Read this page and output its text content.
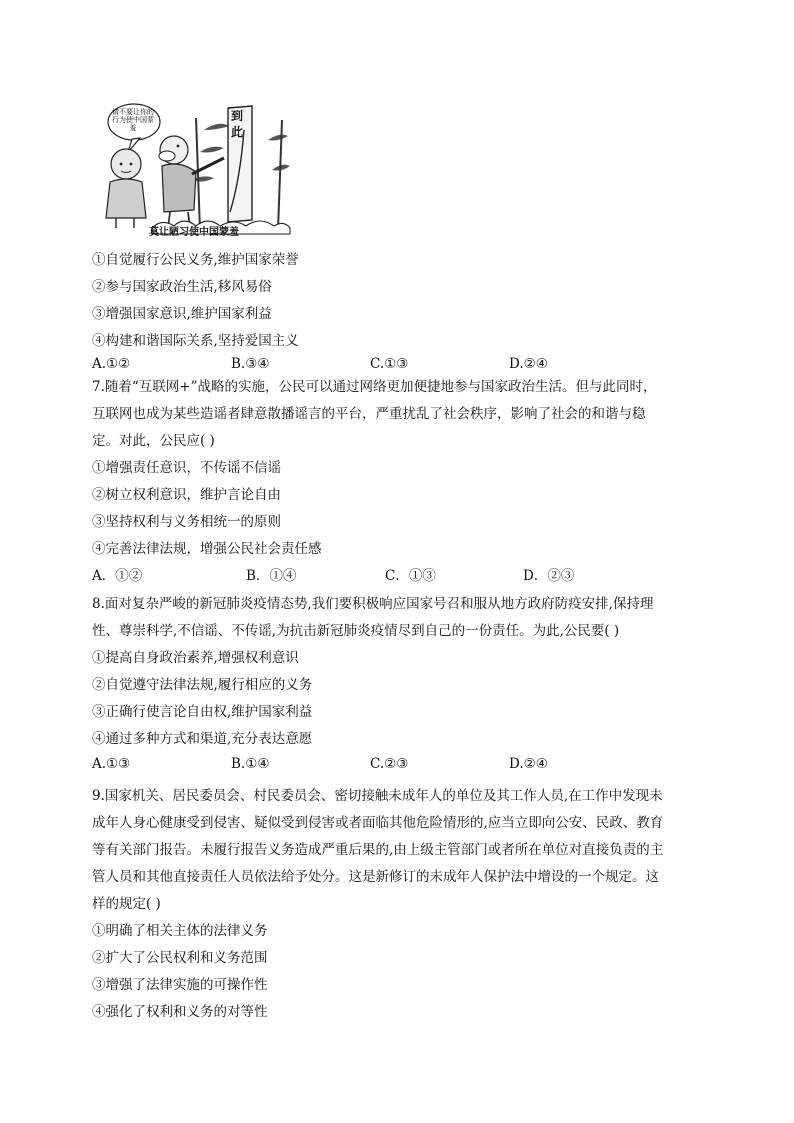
请不要让你的行为使中国蒙羞
到此
莫让陋习使中国蒙羞
①自觉履行公民义务,维护国家荣誉
②参与国家政治生活,移风易俗
③增强国家意识,维护国家利益
④构建和谐国际关系,坚持爱国主义
A.①②	B.③④	C.①③	D.②④
7.随着“互联网+”战略的实施，公民可以通过网络更加便捷地参与国家政治生活。但与此同时，
互联网也成为某些造谣者肆意散播谣言的平台，严重扰乱了社会秩序，影响了社会的和谐与稳
定。对此，公民应( )
①增强责任意识，不传谣不信谣
②树立权利意识，维护言论自由
③坚持权利与义务相统一的原则
④完善法律法规，增强公民社会责任感
A．①②	B．①④	C．①③	D．②③
8.面对复杂严峻的新冠肺炎疫情态势,我们要积极响应国家号召和服从地方政府防疫安排,保持理
性、尊崇科学,不信谣、不传谣,为抗击新冠肺炎疫情尽到自己的一份责任。为此,公民要( )
①提高自身政治素养,增强权利意识
②自觉遵守法律法规,履行相应的义务
③正确行使言论自由权,维护国家利益
④通过多种方式和渠道,充分表达意愿
A.①③	B.①④	C.②③	D.②④
9.国家机关、居民委员会、村民委员会、密切接触未成年人的单位及其工作人员,在工作中发现未
成年人身心健康受到侵害、疑似受到侵害或者面临其他危险情形的,应当立即向公安、民政、教育
等有关部门报告。未履行报告义务造成严重后果的,由上级主管部门或者所在单位对直接负责的主
管人员和其他直接责任人员依法给予处分。这是新修订的未成年人保护法中增设的一个规定。这
样的规定( )
①明确了相关主体的法律义务
②扩大了公民权利和义务范围
③增强了法律实施的可操作性
④强化了权利和义务的对等性
